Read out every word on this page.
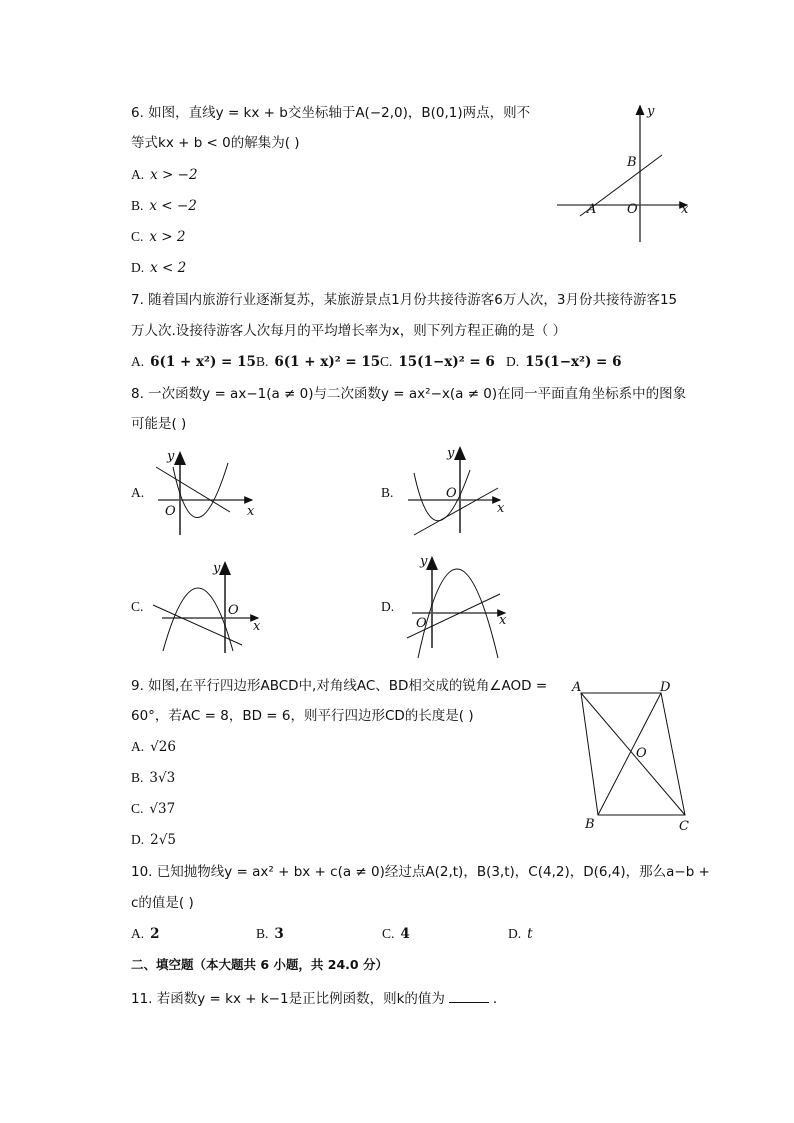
6. 如图，直线y = kx + b交坐标轴于A(−2,0)，B(0,1)两点，则不
等式kx + b < 0的解集为( )
A. x > −2
B. x < −2
C. x > 2
D. x < 2
y
x
A
B
O
7. 随着国内旅游行业逐渐复苏，某旅游景点1月份共接待游客6万人次，3月份共接待游客15
万人次.设接待游客人次每月的平均增长率为x，则下列方程正确的是（ ）
A. 6(1 + x²) = 15 B. 6(1 + x)² = 15 C. 15(1−x)² = 6 D. 15(1−x²) = 6
8. 一次函数y = ax−1(a ≠ 0)与二次函数y = ax²−x(a ≠ 0)在同一平面直角坐标系中的图象
可能是( )
A.
y
x
O
B.
y
x
O
C.
y
x
O	D.
y
x
O
9. 如图,在平行四边形ABCD中,对角线AC、BD相交成的锐角∠AOD =
60°，若AC = 8，BD = 6，则平行四边形CD的长度是( )
A. √26
B. 3√3
C. √37
D. 2√5
A	D
B	C
O
10. 已知抛物线y = ax² + bx + c(a ≠ 0)经过点A(2,t)，B(3,t)，C(4,2)，D(6,4)，那么a−b +
c的值是( )
A. 2	B. 3	C. 4	D. t
二、填空题（本大题共 6 小题，共 24.0 分）
11. 若函数y = kx + k−1是正比例函数，则k的值为	．
